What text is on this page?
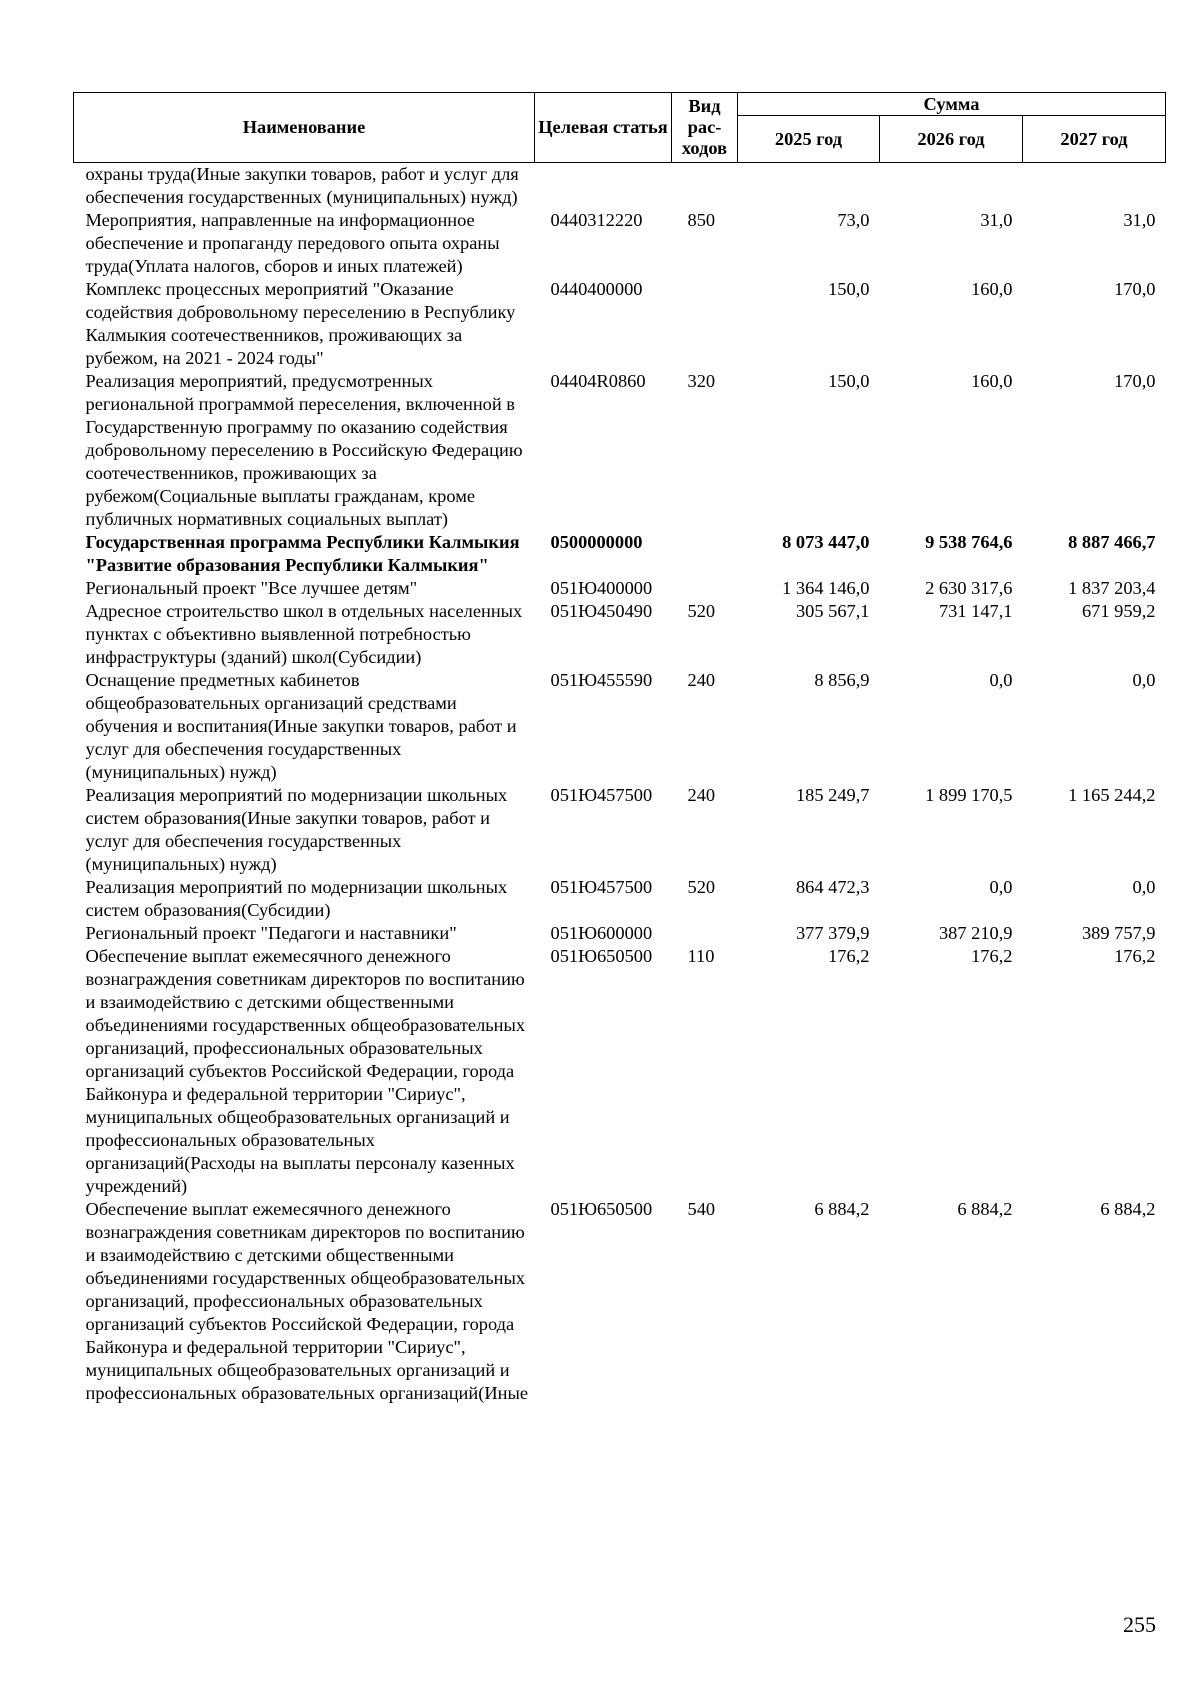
Наименование	Целевая статья	Вид рас-ходов	Сумма		
			2025 год	2026 год	2027 год
охраны труда(Иные закупки товаров, работ и услуг для обеспечения государственных (муниципальных) нужд)					
Мероприятия, направленные на информационное обеспечение и пропаганду передового опыта охраны труда(Уплата налогов, сборов и иных платежей)	0440312220	850	73,0	31,0	31,0
Комплекс процессных мероприятий "Оказание содействия добровольному переселению в Республику Калмыкия соотечественников, проживающих за рубежом, на 2021 - 2024 годы"	0440400000		150,0	160,0	170,0
Реализация мероприятий, предусмотренных региональной программой переселения, включенной в Государственную программу по оказанию содействия добровольному переселению в Российскую Федерацию соотечественников, проживающих за рубежом(Социальные выплаты гражданам, кроме публичных нормативных социальных выплат)	04404R0860	320	150,0	160,0	170,0
Государственная программа Республики Калмыкия "Развитие образования Республики Калмыкия"	0500000000		8 073 447,0	9 538 764,6	8 887 466,7
Региональный проект "Все лучшее детям"	051Ю400000		1 364 146,0	2 630 317,6	1 837 203,4
Адресное строительство школ в отдельных населенных пунктах с объективно выявленной потребностью инфраструктуры (зданий) школ(Субсидии)	051Ю450490	520	305 567,1	731 147,1	671 959,2
Оснащение предметных кабинетов общеобразовательных организаций средствами обучения и воспитания(Иные закупки товаров, работ и услуг для обеспечения государственных (муниципальных) нужд)	051Ю455590	240	8 856,9	0,0	0,0
Реализация мероприятий по модернизации школьных систем образования(Иные закупки товаров, работ и услуг для обеспечения государственных (муниципальных) нужд)	051Ю457500	240	185 249,7	1 899 170,5	1 165 244,2
Реализация мероприятий по модернизации школьных систем образования(Субсидии)	051Ю457500	520	864 472,3	0,0	0,0
Региональный проект "Педагоги и наставники"	051Ю600000		377 379,9	387 210,9	389 757,9
Обеспечение выплат ежемесячного денежного вознаграждения советникам директоров по воспитанию и взаимодействию с детскими общественными объединениями государственных общеобразовательных организаций, профессиональных образовательных организаций субъектов Российской Федерации, города Байконура и федеральной территории "Сириус", муниципальных общеобразовательных организаций и профессиональных образовательных организаций(Расходы на выплаты персоналу казенных учреждений)	051Ю650500	110	176,2	176,2	176,2
Обеспечение выплат ежемесячного денежного вознаграждения советникам директоров по воспитанию и взаимодействию с детскими общественными объединениями государственных общеобразовательных организаций, профессиональных образовательных организаций субъектов Российской Федерации, города Байконура и федеральной территории "Сириус", муниципальных общеобразовательных организаций и профессиональных образовательных организаций(Иные	051Ю650500	540	6 884,2	6 884,2	6 884,2
255
